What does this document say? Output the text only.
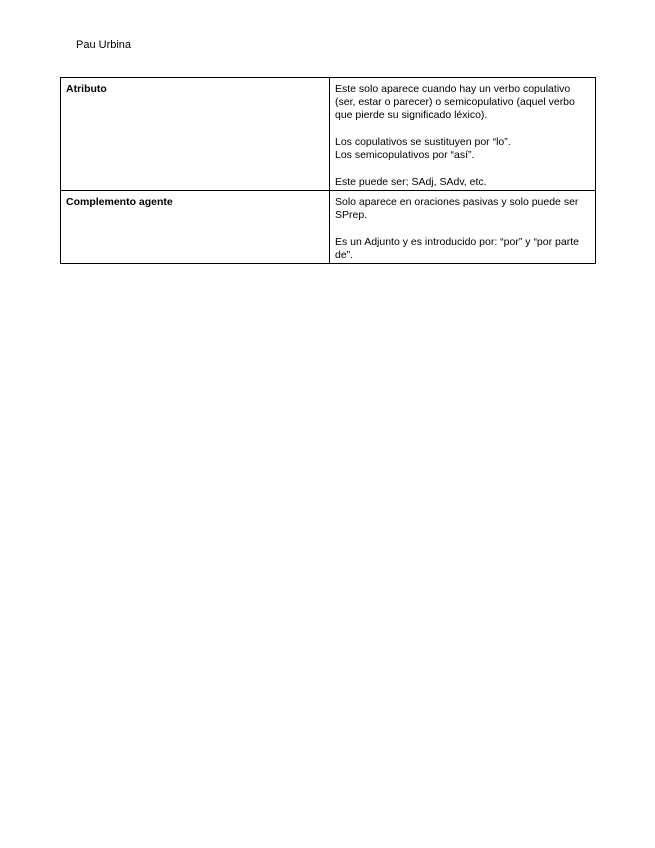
Pau Urbina
Atributo	Este solo aparece cuando hay un verbo copulativo (ser, estar o parecer) o semicopulativo (aquel verbo que pierde su significado léxico).

Los copulativos se sustituyen por “lo”.
Los semicopulativos por “así”.

Este puede ser; SAdj, SAdv, etc.

Complemento agente	Solo aparece en oraciones pasivas y solo puede ser SPrep.

Es un Adjunto y es introducido por: “por” y “por parte de”.
